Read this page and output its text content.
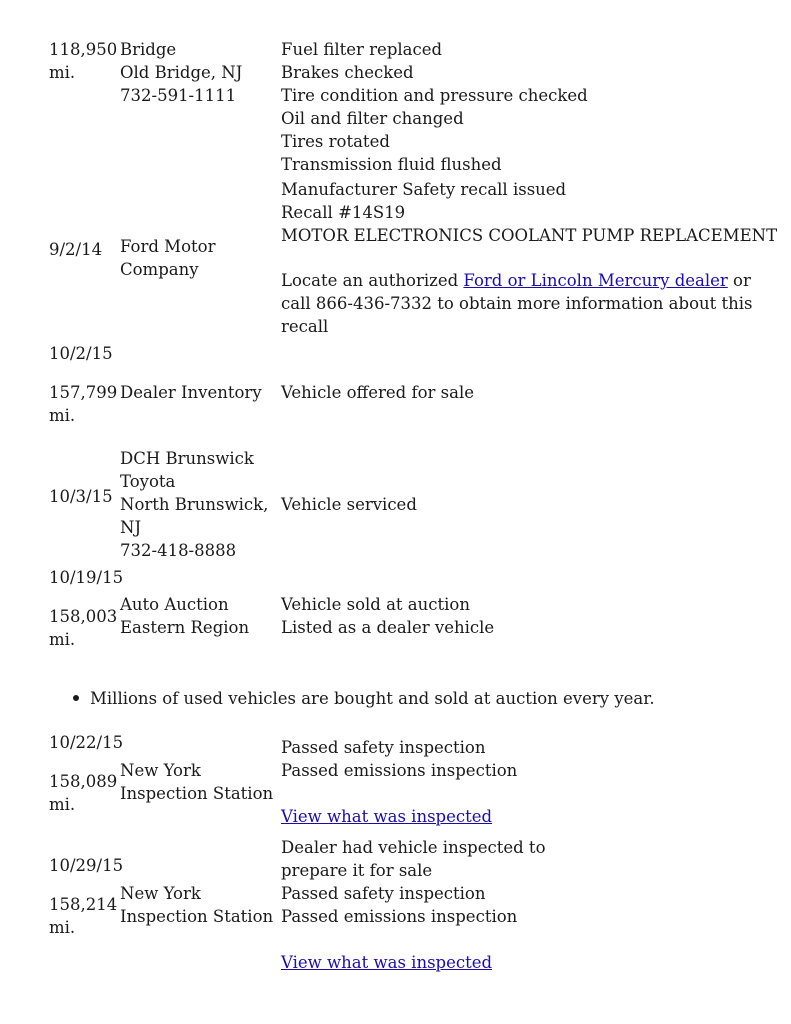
118,950
mi.
Bridge
Old Bridge, NJ
732-591-1111
Fuel filter replaced
Brakes checked
Tire condition and pressure checked
Oil and filter changed
Tires rotated
Transmission fluid flushed
9/2/14 Ford Motor
Company
Manufacturer Safety recall issued
Recall #14S19
MOTOR ELECTRONICS COOLANT PUMP REPLACEMENT
Locate an authorized Ford or Lincoln Mercury dealer or
call 866-436-7332 to obtain more information about this
recall
10/2/15
157,799
mi.
Dealer Inventory Vehicle offered for sale
10/3/15
DCH Brunswick
Toyota
North Brunswick,
NJ
732-418-8888
Vehicle serviced
10/19/15
158,003
mi.
Auto Auction
Eastern Region
Vehicle sold at auction
Listed as a dealer vehicle
Millions of used vehicles are bought and sold at auction every year.
10/22/15
158,089
mi.
New York
Inspection Station
Passed safety inspection
Passed emissions inspection
View what was inspected
10/29/15
158,214
mi.
New York
Inspection Station
Dealer had vehicle inspected to
prepare it for sale
Passed safety inspection
Passed emissions inspection
View what was inspected
